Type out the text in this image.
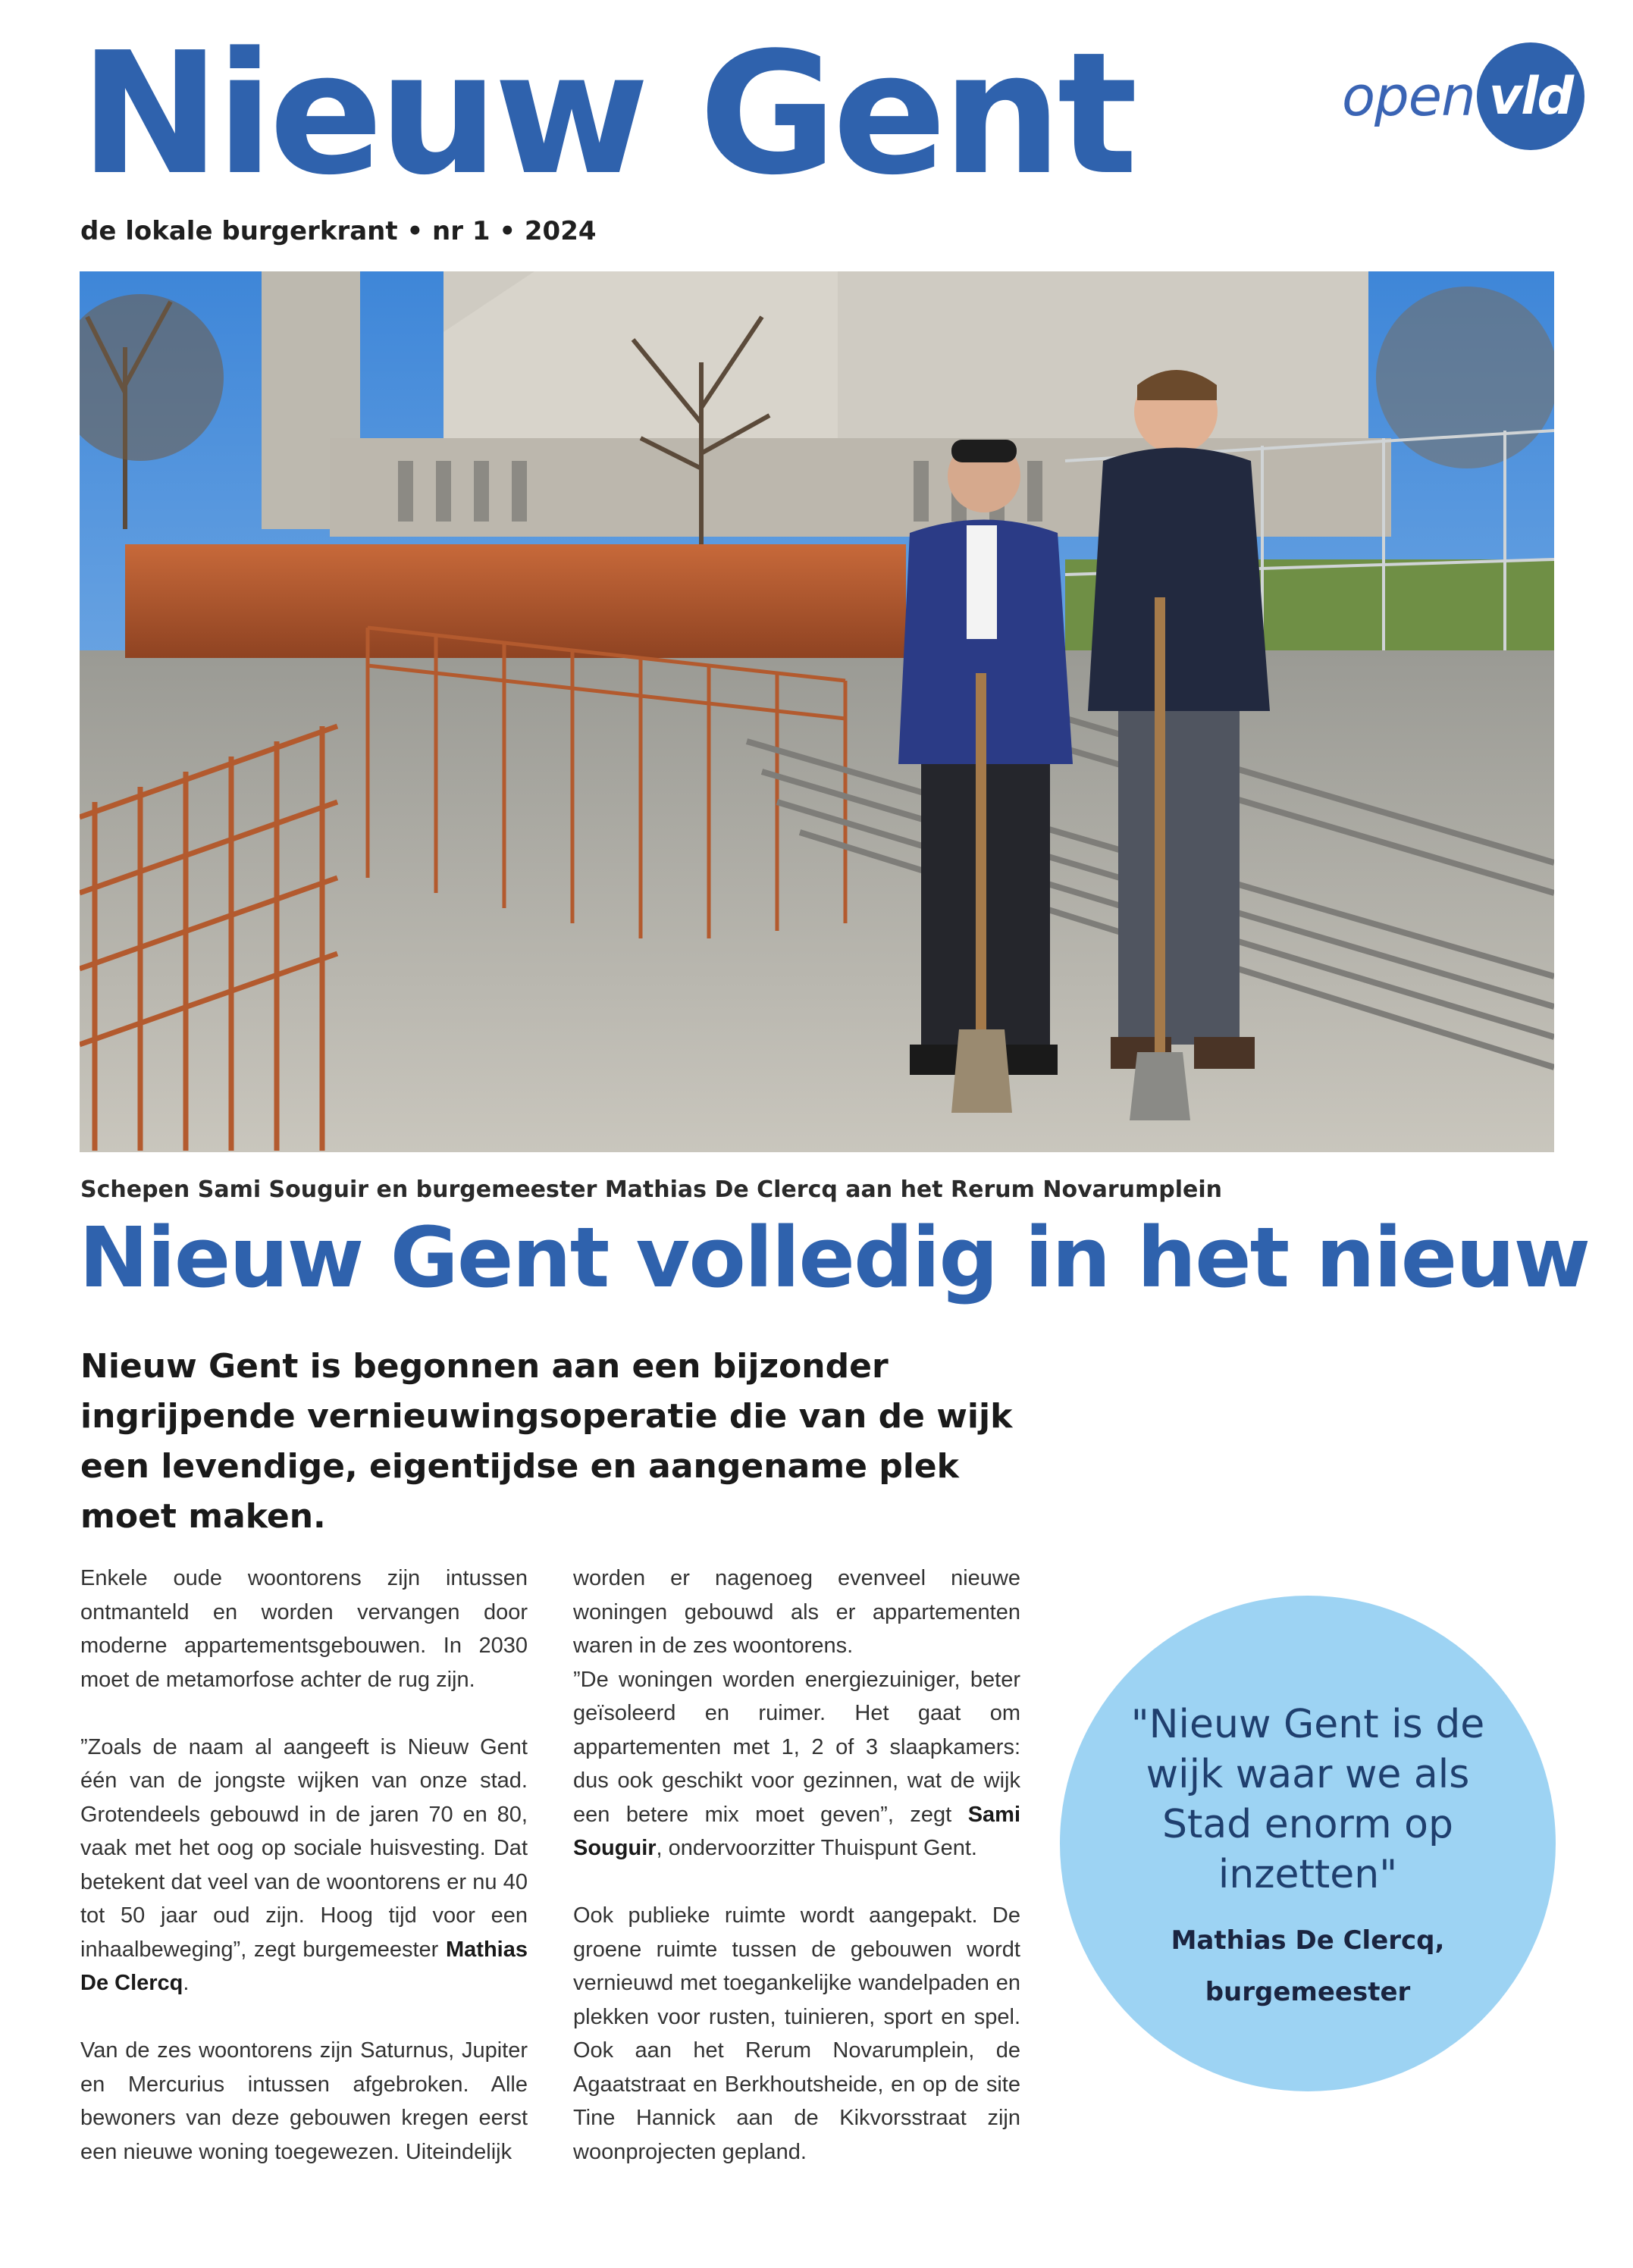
Nieuw Gent
de lokale burgerkrant • nr 1 • 2024
open vld
Schepen Sami Souguir en burgemeester Mathias De Clercq aan het Rerum Novarumplein
Nieuw Gent volledig in het nieuw
Nieuw Gent is begonnen aan een bijzonder ingrijpende vernieuwingsoperatie die van de wijk een levendige, eigentijdse en aangename plek moet maken.

Enkele oude woontorens zijn intussen ontmanteld en worden vervangen door moderne appartementsgebouwen. In 2030 moet de metamorfose achter de rug zijn.

”Zoals de naam al aangeeft is Nieuw Gent één van de jongste wijken van onze stad. Grotendeels gebouwd in de jaren 70 en 80, vaak met het oog op sociale huisvesting. Dat betekent dat veel van de woontorens er nu 40 tot 50 jaar oud zijn. Hoog tijd voor een inhaalbeweging”, zegt burgemeester Mathias De Clercq.

Van de zes woontorens zijn Saturnus, Jupiter en Mercurius intussen afgebroken. Alle bewoners van deze gebouwen kregen eerst een nieuwe woning toegewezen. Uiteindelijk

worden er nagenoeg evenveel nieuwe woningen gebouwd als er appartementen waren in de zes woontorens.

”De woningen worden energiezuiniger, beter geïsoleerd en ruimer. Het gaat om appartementen met 1, 2 of 3 slaapkamers: dus ook geschikt voor gezinnen, wat de wijk een betere mix moet geven”, zegt Sami Souguir, ondervoorzitter Thuispunt Gent.

Ook publieke ruimte wordt aangepakt. De groene ruimte tussen de gebouwen wordt vernieuwd met toegankelijke wandelpaden en plekken voor rusten, tuinieren, sport en spel. Ook aan het Rerum Novarumplein, de Agaatstraat en Berkhoutsheide, en op de site Tine Hannick aan de Kikvorsstraat zijn woonprojecten gepland.

"Nieuw Gent is de wijk waar we als Stad enorm op inzetten"
Mathias De Clercq,
burgemeester
